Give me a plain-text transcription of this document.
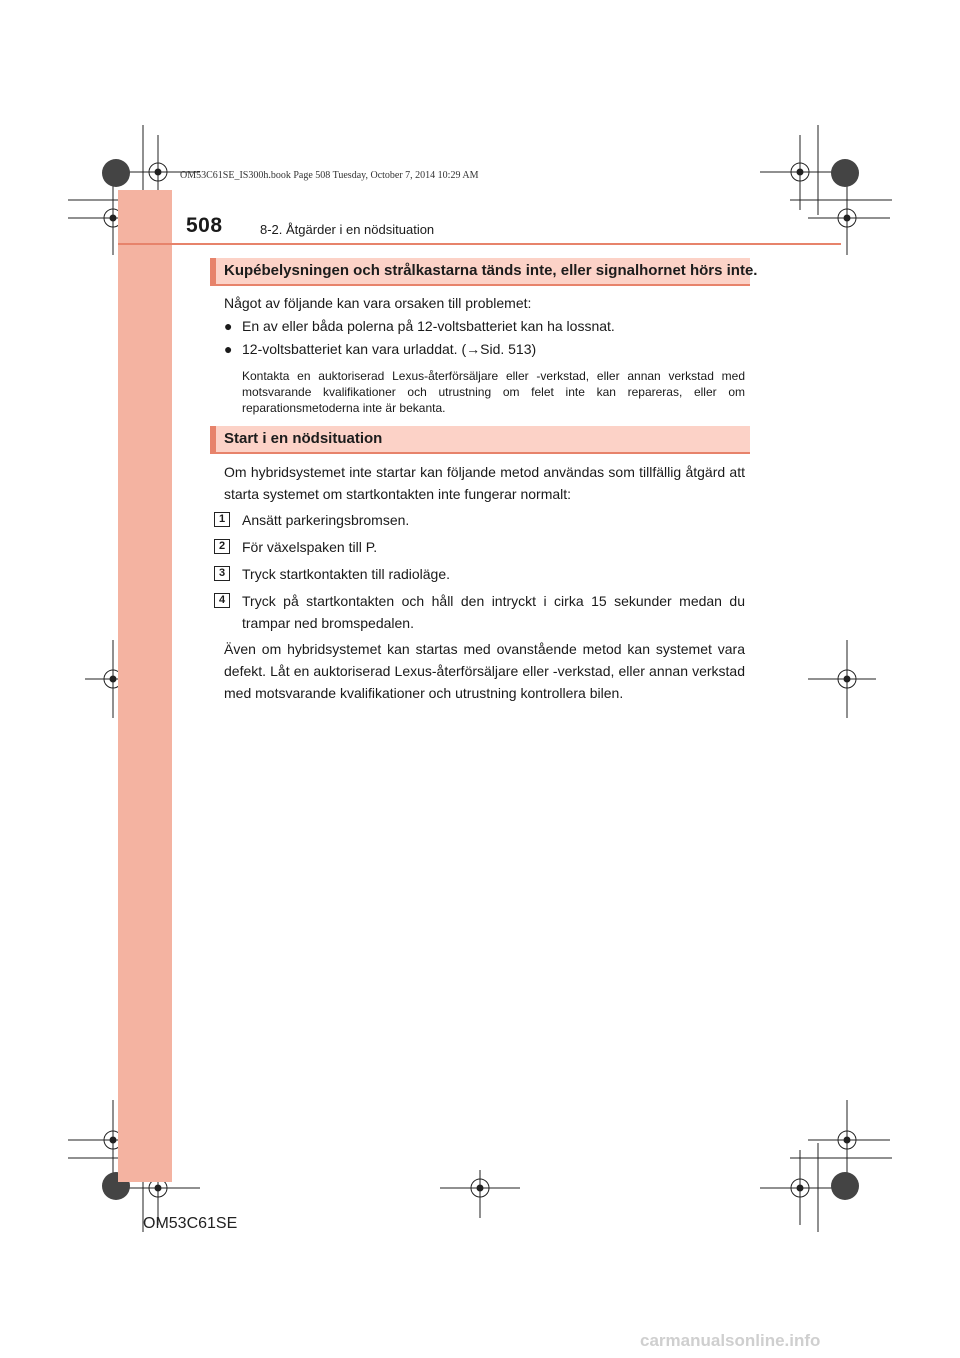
OM53C61SE_IS300h.book Page 508 Tuesday, October 7, 2014 10:29 AM
508	8-2. Åtgärder i en nödsituation
Kupébelysningen och strålkastarna tänds inte, eller signalhornet hörs inte.
Något av följande kan vara orsaken till problemet:
● En av eller båda polerna på 12-voltsbatteriet kan ha lossnat.
● 12-voltsbatteriet kan vara urladdat. (→Sid. 513)
Kontakta en auktoriserad Lexus-återförsäljare eller -verkstad, eller annan verkstad med motsvarande kvalifikationer och utrustning om felet inte kan repareras, eller om reparationsmetoderna inte är bekanta.
Start i en nödsituation
Om hybridsystemet inte startar kan följande metod användas som tillfällig åtgärd att starta systemet om startkontakten inte fungerar normalt:
1	Ansätt parkeringsbromsen.
2	För växelspaken till P.
3	Tryck startkontakten till radioläge.
4	Tryck på startkontakten och håll den intryckt i cirka 15 sekunder medan du trampar ned bromspedalen.
Även om hybridsystemet kan startas med ovanstående metod kan systemet vara defekt. Låt en auktoriserad Lexus-återförsäljare eller -verkstad, eller annan verkstad med motsvarande kvalifikationer och utrustning kontrollera bilen.
OM53C61SE
carmanualsonline.info
